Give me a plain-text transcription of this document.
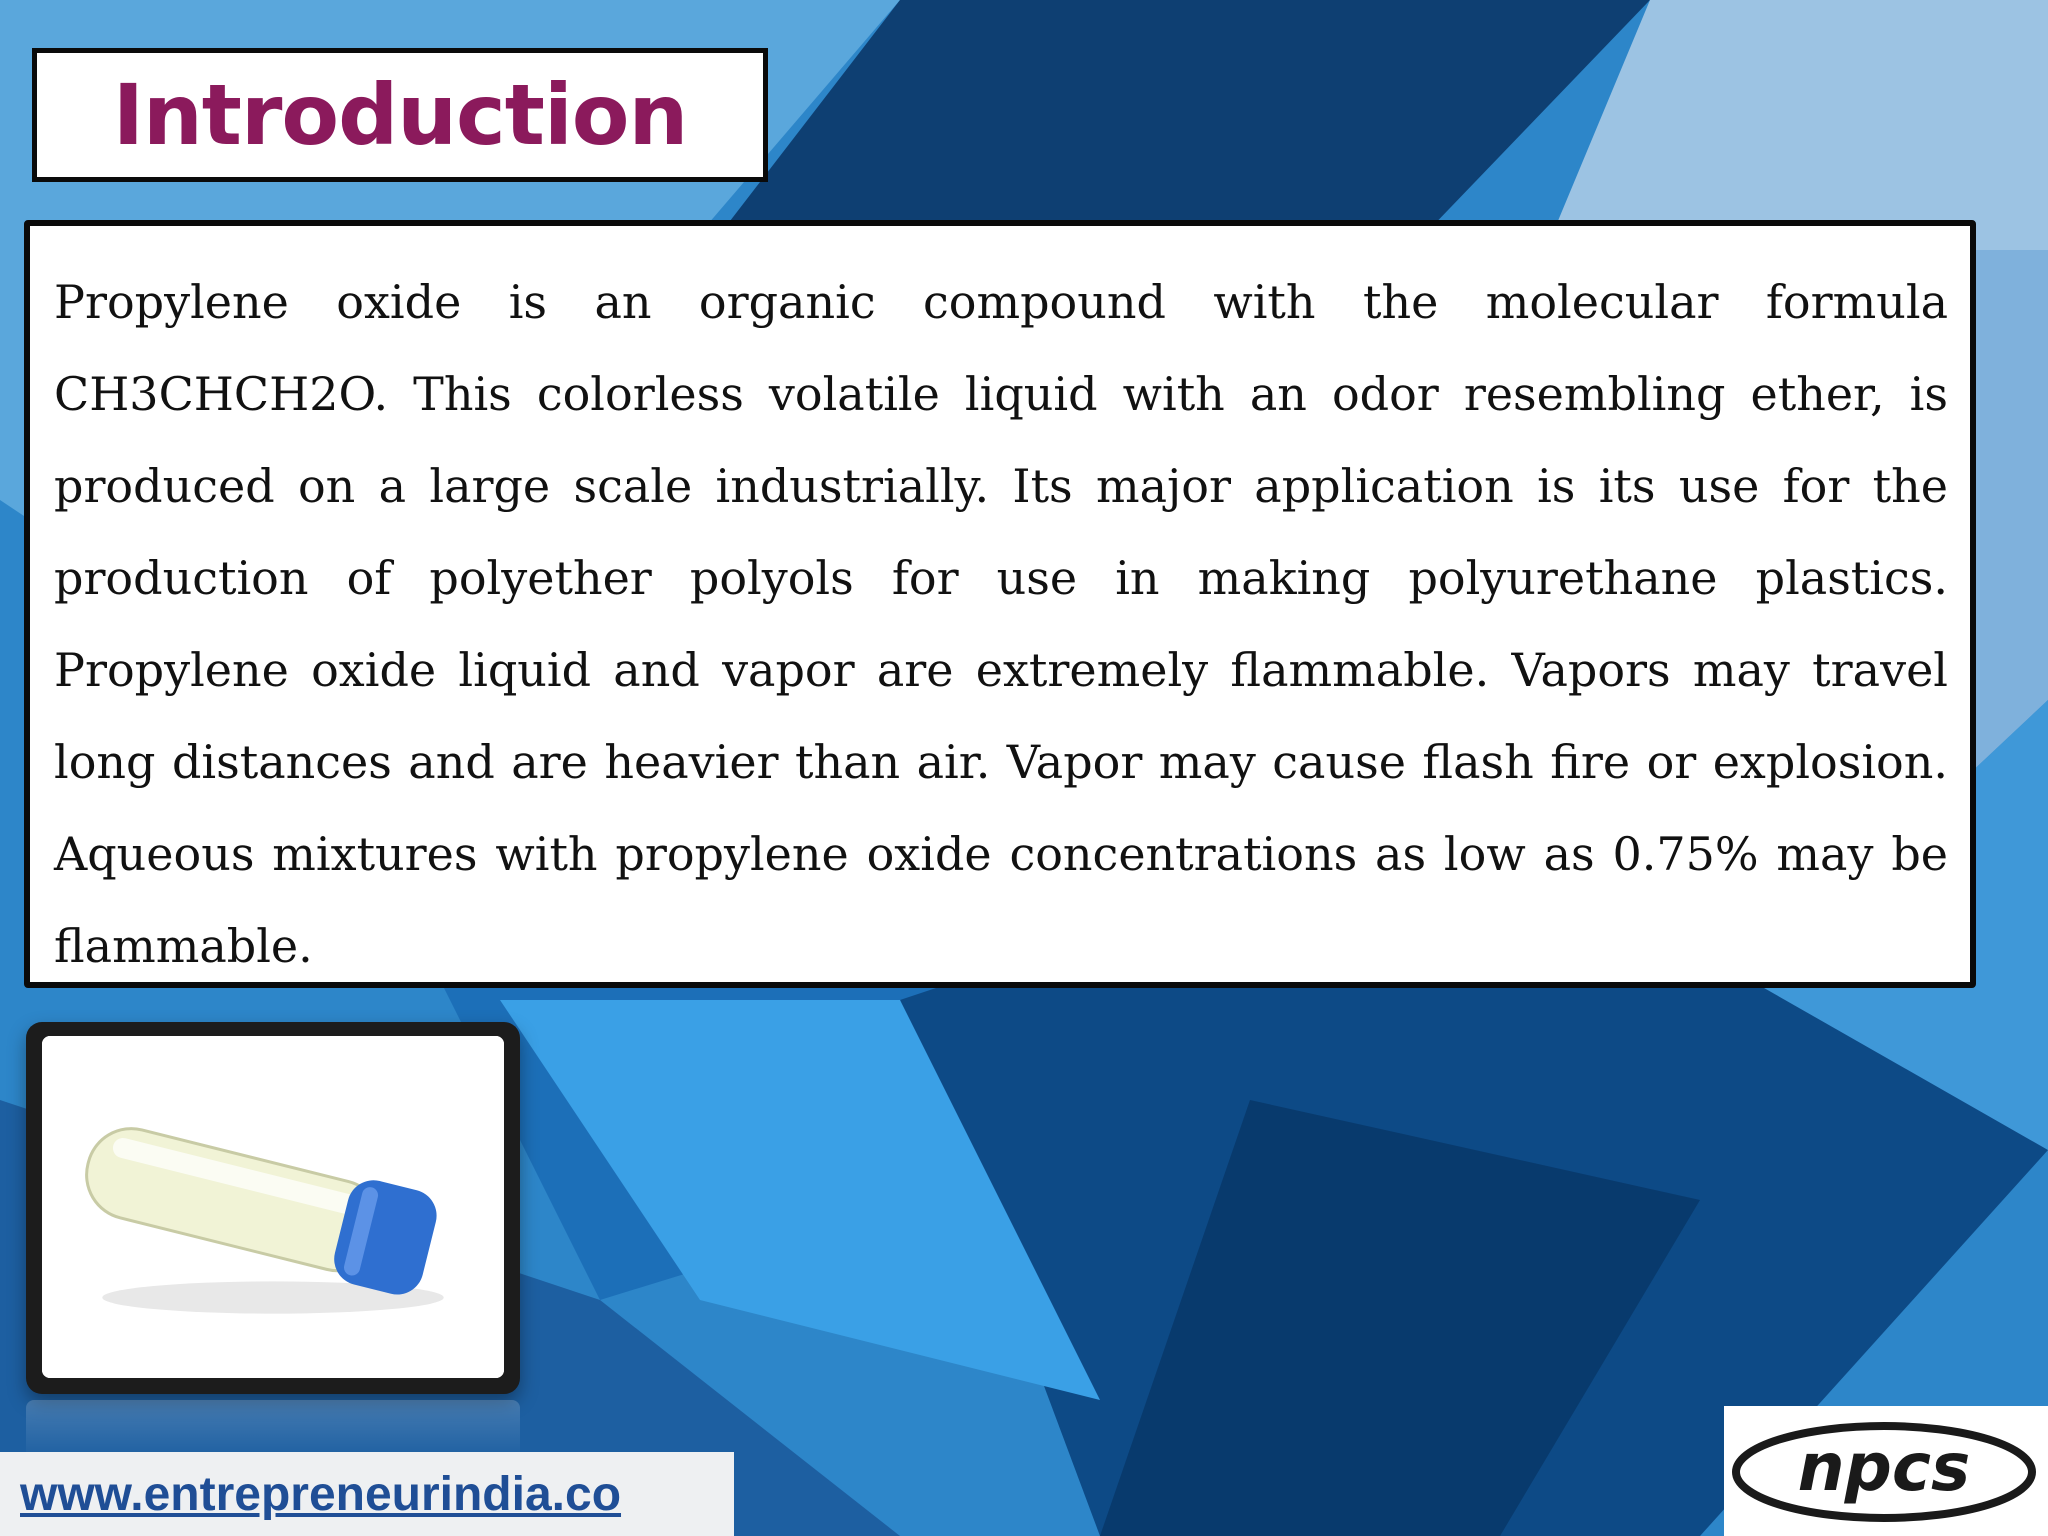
Introduction

Propylene oxide is an organic compound with the molecular formula CH3CHCH2O. This colorless volatile liquid with an odor resembling ether, is produced on a large scale industrially. Its major application is its use for the production of polyether polyols for use in making polyurethane plastics. Propylene oxide liquid and vapor are extremely flammable. Vapors may travel long distances and are heavier than air. Vapor may cause flash fire or explosion. Aqueous mixtures with propylene oxide concentrations as low as 0.75% may be flammable.

www.entrepreneurindia.co	npcs
